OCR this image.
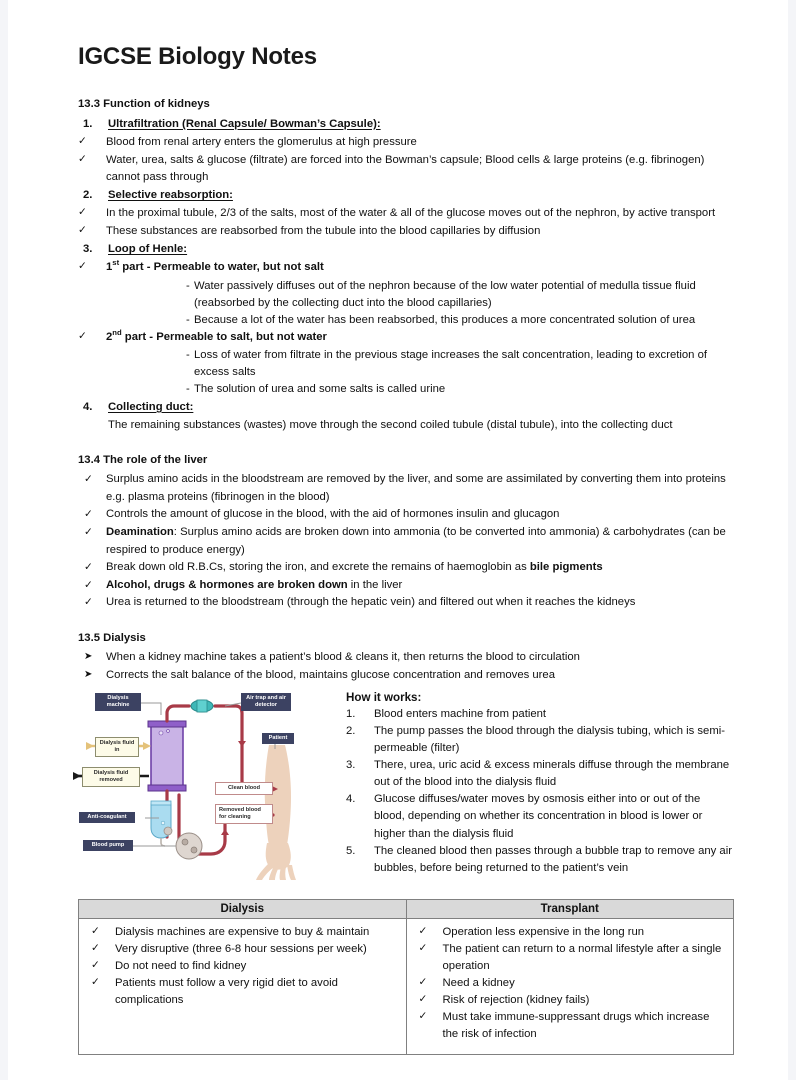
IGCSE Biology Notes
13.3 Function of kidneys
1.	Ultrafiltration (Renal Capsule/ Bowman’s Capsule):
✓	Blood from renal artery enters the glomerulus at high pressure
✓	Water, urea, salts & glucose (filtrate) are forced into the Bowman’s capsule; Blood cells & large proteins (e.g. fibrinogen) cannot pass through
2.	Selective reabsorption:
✓	In the proximal tubule, 2/3 of the salts, most of the water & all of the glucose moves out of the nephron, by active transport
✓	These substances are reabsorbed from the tubule into the blood capillaries by diffusion
3.	Loop of Henle:
✓	1st part - Permeable to water, but not salt
- Water passively diffuses out of the nephron because of the low water potential of medulla tissue fluid (reabsorbed by the collecting duct into the blood capillaries)
- Because a lot of the water has been reabsorbed, this produces a more concentrated solution of urea
✓	2nd part - Permeable to salt, but not water
- Loss of water from filtrate in the previous stage increases the salt concentration, leading to excretion of excess salts
- The solution of urea and some salts is called urine
4.	Collecting duct:
The remaining substances (wastes) move through the second coiled tubule (distal tubule), into the collecting duct
13.4 The role of the liver
✓	Surplus amino acids in the bloodstream are removed by the liver, and some are assimilated by converting them into proteins e.g. plasma proteins (fibrinogen in the blood)
✓	Controls the amount of glucose in the blood, with the aid of hormones insulin and glucagon
✓	Deamination: Surplus amino acids are broken down into ammonia (to be converted into ammonia) & carbohydrates (can be respired to produce energy)
✓	Break down old R.B.Cs, storing the iron, and excrete the remains of haemoglobin as bile pigments
✓	Alcohol, drugs & hormones are broken down in the liver
✓	Urea is returned to the bloodstream (through the hepatic vein) and filtered out when it reaches the kidneys
13.5 Dialysis
➤	When a kidney machine takes a patient’s blood & cleans it, then returns the blood to circulation
➤	Corrects the salt balance of the blood, maintains glucose concentration and removes urea
Dialysis machine
Dialysis fluid in
Dialysis fluid removed
Air trap and air detector
Patient
Clean blood
Removed blood for cleaning
Anti-coagulant
Blood pump
How it works:
1.	Blood enters machine from patient
2.	The pump passes the blood through the dialysis tubing, which is semi-permeable (filter)
3.	There, urea, uric acid & excess minerals diffuse through the membrane out of the blood into the dialysis fluid
4.	Glucose diffuses/water moves by osmosis either into or out of the blood, depending on whether its concentration in blood is lower or higher than the dialysis fluid
5.	The cleaned blood then passes through a bubble trap to remove any air bubbles, before being returned to the patient’s vein
Dialysis	Transplant

✓	Dialysis machines are expensive to buy & maintain
✓	Very disruptive (three 6-8 hour sessions per week)
✓	Do not need to find kidney
✓	Patients must follow a very rigid diet to avoid complications

✓	Operation less expensive in the long run
✓	The patient can return to a normal lifestyle after a single operation
✓	Need a kidney
✓	Risk of rejection (kidney fails)
✓	Must take immune-suppressant drugs which increase the risk of infection
